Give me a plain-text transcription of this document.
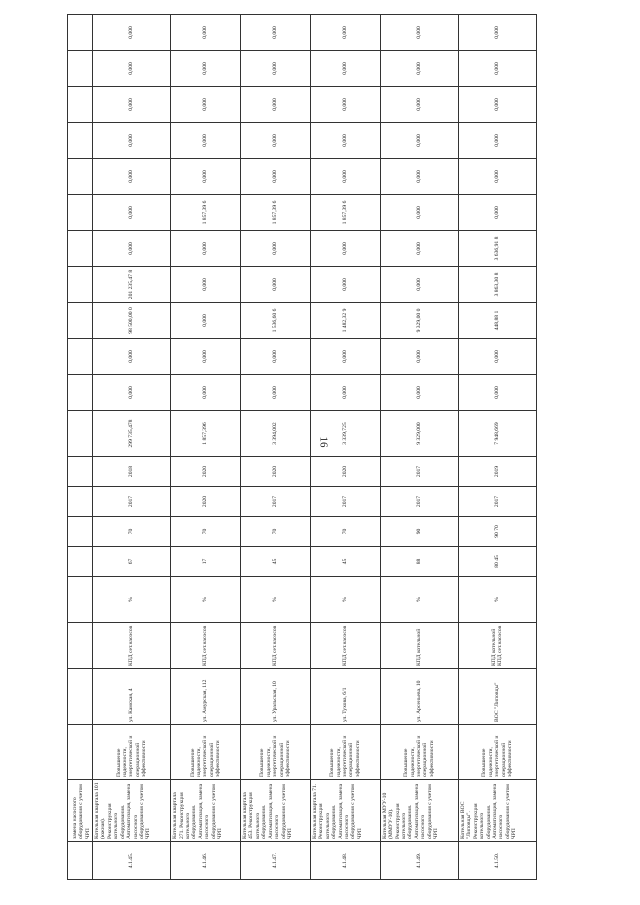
16
	замена насосного оборудования с учетом ЧРП																				
4.1.45.	Котельная квартала 101 (южная). Реконструкция котельного оборудования. Автоматизация, замена насосного оборудования с учетом ЧРП	Повышение надежности, энергетической и операционной эффективности	ул. Камская, 4	КПД сет.насосов	%	67	70	2017	2018	299 735,478	0,000	0,000	98 500,00 0	201 235,47 8	0,000	0,000	0,000	0,000	0,000	0,000	0,000
4.1.46.	Котельная квартала 271. Реконструкция котельного оборудования. Автоматизация, замена насосного оборудования с учетом ЧРП	Повышение надежности, энергетической и операционной эффективности	ул. Амурская, 112	КПД сет.насосов	%	17	70	2020	2020	1 857,396	0,000	0,000	0,000	0,000	0,000	1 857,39 6	0,000	0,000	0,000	0,000	0,000
4.1.47.	Котельная квартала 453. Реконструкция котельного оборудования. Автоматизация, замена насосного оборудования с учетом ЧРП	Повышение надежности, энергетической и операционной эффективности	ул. Уральская, 10	КПД сет.насосов	%	45	70	2017	2020	3 394,002	0,000	0,000	1 536,60 6	0,000	0,000	1 857,39 6	0,000	0,000	0,000	0,000	0,000
4.1.48.	Котельная квартала 71. Реконструкция котельного оборудования. Автоматизация, замена насосного оборудования с учетом ЧРП	Повышение надежности, энергетической и операционной эффективности	ул. Тухова, 6/1	КПД сет.насосов	%	45	70	2017	2020	3 339,725	0,000	0,000	1 482,32 9	0,000	0,000	1 857,39 6	0,000	0,000	0,000	0,000	0,000
4.1.49.	Котельная МУУ-10 (ММУУ-10). Реконструкция котельного оборудования. Автоматизация, замена насосного оборудования с учетом ЧРП	Повышение надежности, энергетической и операционной эффективности	ул. Арсеньева, 10	КПД котельной	%	88	90	2017	2017	9 329,000	0,000	0,000	9 329,00 0	0,000	0,000	0,000	0,000	0,000	0,000	0,000	0,000
4.1.50.	Котельная ВОС "Липовцы". Реконструкция котельного оборудования. Автоматизация, замена насосного оборудования с учетом ЧРП	Повышение надежности, энергетической и операционной эффективности	ВОС "Липовцы"	КПД котельной КПД сет.насосов	%	80 45	90 70	2017	2019	7 948,669	0,000	0,000	448,88 1	3 863,30 8	3 636,91 8	0,000	0,000	0,000	0,000	0,000	0,000
